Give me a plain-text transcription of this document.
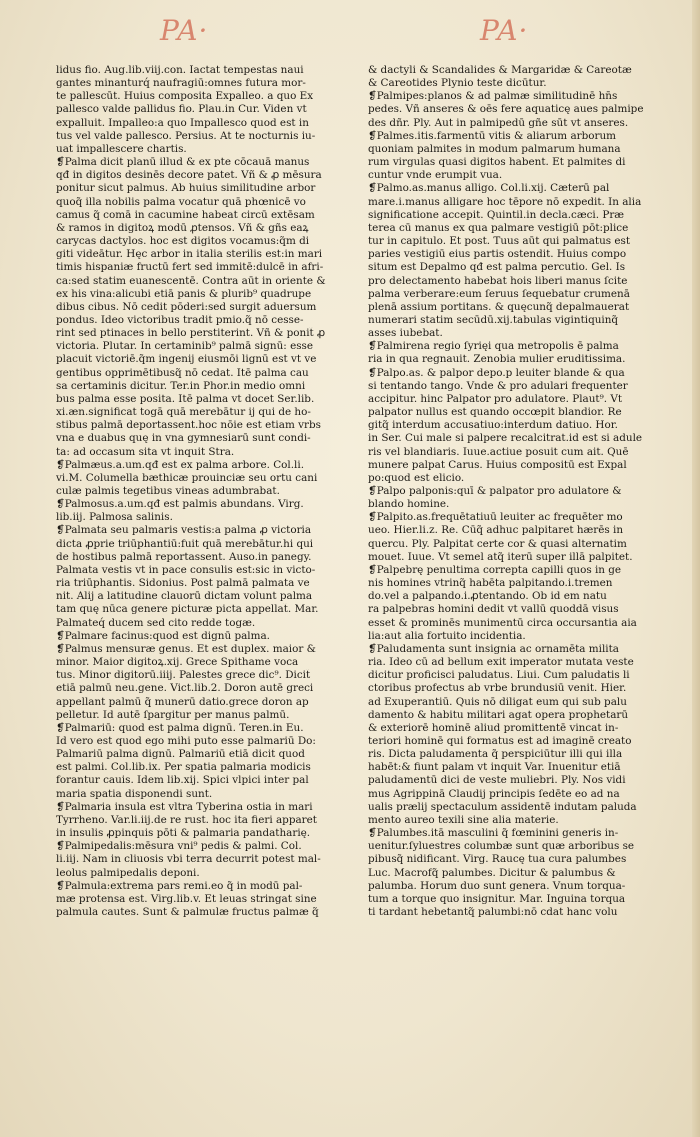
PA·	PA·
lidus fio. Aug.lib.viij.con. Iactat tempestas naui
gantes minanturq́ naufragiū:omnes futura mor-
te pallescūt. Huius composita Expalleo. a quo Ex
pallesco valde pallidus fio. Plau.in Cur. Viden vt
expalluit. Impalleo:a quo Impallesco quod est in
tus vel valde pallesco. Persius. At te nocturnis iu-
uat impallescere chartis.
❡Palma dicit̃ planū illud & ex pte cōcauā manus
qđ in digitos desinēs decore patet. Vñ & ꝓ mēsura
ponitur sicut palmus. Ab huius similitudine arbor
quoq̃ illa nobilis palma vocatur quā phœnicē vo
camus q̃ comā in cacumine habeat circū extēsam
& ramos in digitoꝝ modū ꝓtensos. Vñ & gñs eaꝝ
carycas dactylos. hoc est digitos vocamus:q̃m di
giti videātur. Hęc arbor in italia sterilis est:in mari
timis hispaniæ fructū fert sed immitē:dulcē in afri-
ca:sed statim euanescentē. Contra aūt in oriente &
ex his vina:alicubi etiā panis & plurib⁹ quadrupe
dibus cibus. Nō cedit pōderi:sed surgit aduersum
pondus. Ideo victoribus tradit̃ pmio.q̃ nō cesse-
rint sed ptinaces in bello perstiterint. Vñ & ponit̃ ꝓ
victoria. Plutar. In certaminib⁹ palmā signū: esse
placuit victoriē.q̃m ingenij eiusmōi lignū est vt ve
gentibus opprimētibusq̃ nō cedat. Itē palma cau
sa certaminis dicitur. Ter.in Phor.in medio omni
bus palma esse posita. Itē palma vt docet Ser.lib.
xi.æn.significat togā quā merebātur ij qui de ho-
stibus palmā deportassent.hoc nōie est etiam vrbs
vna e duabus quę in vna gymnesiarū sunt condi-
ta: ad occasum sita vt inquit Stra.
❡Palmæus.a.um.qđ est ex palma arbore. Col.li.
vi.M. Columella bæthicæ prouinciæ seu ortu cani
culæ palmis tegetibus vineas adumbrabat.
❡Palmosus.a.um.qđ est palmis abundans. Virg.
lib.iij. Palmosa salinis.
❡Palmata seu palmaris vestis:a palma ꝓ victoria
dicta ꝓprie triūphantiū:fuit quā merebātur.hi qui
de hostibus palmā reportassent. Auso.in panegy.
Palmata vestis vt in pace consulis est:sic in victo-
ria triūphantis. Sidonius. Post palmā palmata ve
nit. Alij a latitudine clauorū dictam volunt palma
tam quę nūca genere picturæ picta appellat̃. Mar.
Palmateq́ ducem sed cito redde togæ.
❡Palmare facinus:quod est dignū palma.
❡Palmus mensuræ genus. Et est duplex. maior &
minor. Maior digitoꝝ.xij. Grece Spithame voca
tus. Minor digitorū.iiij. Palestes grece dic⁹. Dicit̃
etiā palmū neu.gene. Vict.lib.2. Doron autē greci
appellant palmū q̃ munerū datio.grece doron ap
pelletur. Id autē ſpargitur per manus palmū.
❡Palmariū: quod est palma dignū. Teren.in Eu.
Id vero est quod ego mihi puto esse palmariū Do:
Palmariū palma dignū. Palmariū etiā dicit̃ quod
est palmi. Col.lib.ix. Per spatia palmaria modicis
forantur cauis. Idem lib.xij. Spici vlpici inter pal
maria spatia disponendi sunt.
❡Palmaria insula est vltra Tyberina ostia in mari
Tyrrheno. Var.li.iij.de re rust. hoc ita fieri apparet
in insulis ꝓpinquis pōti & palmaria pandatharię.
❡Palmipedalis:mēsura vni⁹ pedis & palmi. Col.
li.iij. Nam in cliuosis vbi terra decurrit potest mal-
leolus palmipedalis deponi.
❡Palmula:extrema pars remi.eo q̃ in modū pal-
mæ protensa est. Virg.lib.v. Et leuas stringat sine
palmula cautes. Sunt & palmulæ fructus palmæ q̃
& dactyli & Scandalides & Margaridæ & Careotæ
& Careotides Plynio teste dicūtur.
❡Palmipes:planos & ad palmæ similitudinē hn̄s
pedes. Vñ anseres & oēs fere aquaticę aues palmipe
des dñr. Ply. Aut in palmipedū gñe sūt vt anseres.
❡Palmes.itis.farmentū vitis & aliarum arborum
quoniam palmites in modum palmarum humana
rum virgulas quasi digitos habent. Et palmites di
cuntur vnde erumpit vua.
❡Palmo.as.manus alligo. Col.li.xij. Cæterū pal
mare.i.manus alligare hoc tēpore nō expedit. In alia
significatione accepit. Quintil.in decla.cæci. Præ
terea cū manus ex qua palmare vestigiū pōt:plice
tur in capitulo. Et post. Tuus aūt qui palmatus est
paries vestigiū eius partis ostendit. Huius compo
situm est Depalmo qđ est palma percutio. Gel. Is
pro delectamento habebat hois liberi manus ſcite
palma verberare:eum ſeruus ſequebatur crumenā
plenā assium portitans. & quęcunq̃ depalmauerat
numerari statim secūdū.xij.tabulas vigintiquinq̃
asses iubebat.
❡Palmirena regio ſyrięi qua metropolis ē palma
ria in qua regnauit. Zenobia mulier eruditissima.
❡Palpo.as. & palpor depo.p leuiter blande & qua
si tentando tango. Vnde & pro adulari frequenter
accipitur. hinc Palpator pro adulatore. Plaut⁹. Vt
palpator nullus est quando occœpit blandior. Re
gitq̃ interdum accusatiuo:interdum datiuo. Hor.
in Ser. Cui male si palpere recalcitrat.id est si adule
ris vel blandiaris. Iuue.actiue posuit cum ait. Quē
munere palpat Carus. Huius compositū est Expal
po:quod est elicio.
❡Palpo palponis:quī & palpator pro adulatore &
blando homine.
❡Palpito.as.frequētatiuū leuiter ac frequēter mo
ueo. Hier.li.z. Re. Cūq̃ adhuc palpitaret hærēs in
quercu. Ply. Palpitat certe cor & quasi alternatim
mouet. Iuue. Vt semel atq̃ iterū super illā palpitet.
❡Palpebrę penultima correpta capilli quos in ge
nis homines vtrinq̃ habēta palpitando.i.tremen
do.vel a palpando.i.ꝓtentando. Ob id em natu
ra palpebras homini dedit vt vallū quoddā visus
esset & prominēs munimentū circa occursantia aia
lia:aut alia fortuito incidentia.
❡Paludamenta sunt insignia ac ornamēta milita
ria. Ideo cū ad bellum exit imperator mutata veste
dicitur proficisci paludatus. Liui. Cum paludatis li
ctoribus profectus ab vrbe brundusiū venit. Hier.
ad Exuperantiū. Quis nō diligat eum qui sub palu
damento & habitu militari agat opera prophetarū
& exteriorē hominē aliud promittentē vincat in-
teriori hominē qui formatus est ad imaginē creato
ris. Dicta paludamenta q̃ perspiciūtur illi qui illa
habēt:& fiunt palam vt inquit Var. Inuenitur etiā
paludamentū dici de veste muliebri. Ply. Nos vidi
mus Agrippinā Claudij principis ſedēte eo ad na
ualis prælij spectaculum assidentē indutam paluda
mento aureo texili sine alia materie.
❡Palumbes.itā masculini q̃ fœminini generis in-
uenitur.ſyluestres columbæ sunt quæ arboribus se
pibusq̃ nidificant. Virg. Raucę tua cura palumbes
Luc. Macrofq̃ palumbes. Dicitur & palumbus &
palumba. Horum duo sunt genera. Vnum torqua-
tum a torque quo insignitur. Mar. Inguina torqua
ti tardant hebetantq̃ palumbi:nō cdat hanc volu
